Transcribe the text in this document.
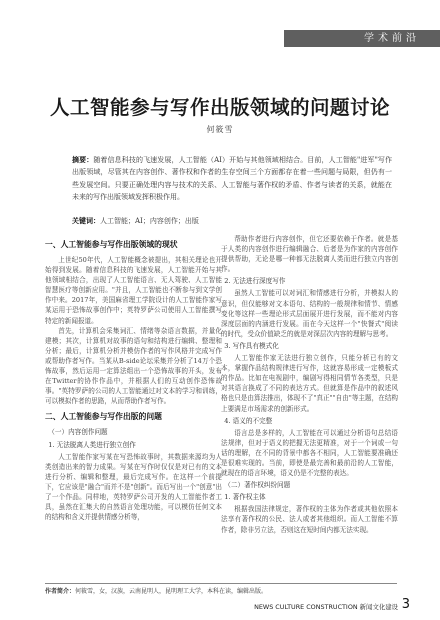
学术前沿
人工智能参与写作出版领域的问题讨论
何筱雪
摘要：随着信息科技的飞速发展，人工智能（AI）开始与其他领域相结合。目前，人工智能"进军"写作出版领域，尽管其在内容创作、著作权和作者的生存空间三个方面都存在着一些问题与局限，但仍有一些发展空间。只要正确处理内容与技术的关系、人工智能与著作权的矛盾、作者与读者的关系，就能在未来的写作出版领域发挥积极作用。
关键词：人工智能；AI；内容创作；出版
一、人工智能参与写作出版领域的现状

上世纪50年代，人工智能概念被提出，其相关理论也开始得到发展。随着信息科技的飞速发展，人工智能开始与其他领域相结合，出现了人工智能语言、无人驾驶、人工智能智慧医疗等创新应用。"并且，人工智能也不断参与到文学创作中来。2017年，美国麻省理工学院设计的人工智能作家写某运用于恐怖故事创作中；英特罗萨公司使用人工智能撰写特定的新闻报道。

首先，计算机会采集词汇、情绪等杂语言数据，并量化建模；其次，计算机对故事的语句和结构进行编辑、整理和分析；最后，计算机分析并模仿作者的写作风格并完成写作或帮助作者写作。当某从B-side论坛采集并分析了14万个恐怖故事，然后运用一定算法组出一个恐怖故事的开头，发布在Twitter的协作作品中，并根据人们的互动创作恐怖故事。"英特罗萨的公司的人工智能通过对文本的学习和训练，可以模拟作者的思路，从而帮助作者写作。

二、人工智能参与写作出版的问题
（一）内容创作问题
1. 无法脱离人类进行独立创作

人工智能作家写某在写恐怖故事时，其数据来源均为人类创造出来的智力成果。写某在写作时仅仅是对已有的文本进行分析、编辑和整理，最后完成写作。在这样一个前提下，它应该是"融合"而并不是"创新"。而后写出一个"创意"出了一个作品。同样地，英特罗萨公司开发的人工智能作者工具，虽然在汇集大的自然语言处理功能，可以模仿任何文本的结构和含义并提供情感分析等，

帮助作者进行内容创作，但它还要依赖于作者。就是基于人类的内容创作进行编辑融合、后者是为作家的内容创作提供帮助，无论是哪一种都无法脱离人类而进行独立内容创作。

2. 无法进行深度写作

虽然人工智能可以对词汇和情感进行分析，并模拟人的意识，但仅能够对文本语句、结构的一般规律和情节、情感变化等这样一些理论形式层面展开进行发展，而不能对内容深度层面的内涵进行发展。而在今天这样一个"快餐式"阅读的时代，受众价值缺乏的就是对深层次内容的理解与思考。

3. 写作具有模式化

人工智能作家无法进行独立创作，只能分析已有的文本，掌握作品结构规律进行写作，这就容易形成一定模板式的作品。比如在电视剧中，编剧写得相同情节各类型，只是对其语言换成了不同的表达方式。但就算是作品中的叙述风格也只是由算法推出，体现不了"真正""自由"等主题，在结构上要满足市场需求的创新形式。

4. 语义的不完整

语言总是多样的，人工智能在可以通过分析语句总结语法规律，但对于语义的把握无法更精准，对于一个词或一句话的理解，在不同的背景中都各不相同，人工智能要准确还是很难实现的。当前，即使是最完善和最前沿的人工智能，就现在的语言环境，语义仍是不完整的表达。

（二）著作权纠纷问题
1. 著作权主体

根据我国法律规定，著作权的主体为作者或其他依照本法享有著作权的公民、法人或者其他组织。而人工智能不算作者，除非另立法，否则这在短时间内都无法实现。

作者简介：何筱雪，女，汉族，云南昆明人，昆明理工大学，本科在读，编辑出版。
NEWS CULTURE CONSTRUCTION 新闻文化建设 3
